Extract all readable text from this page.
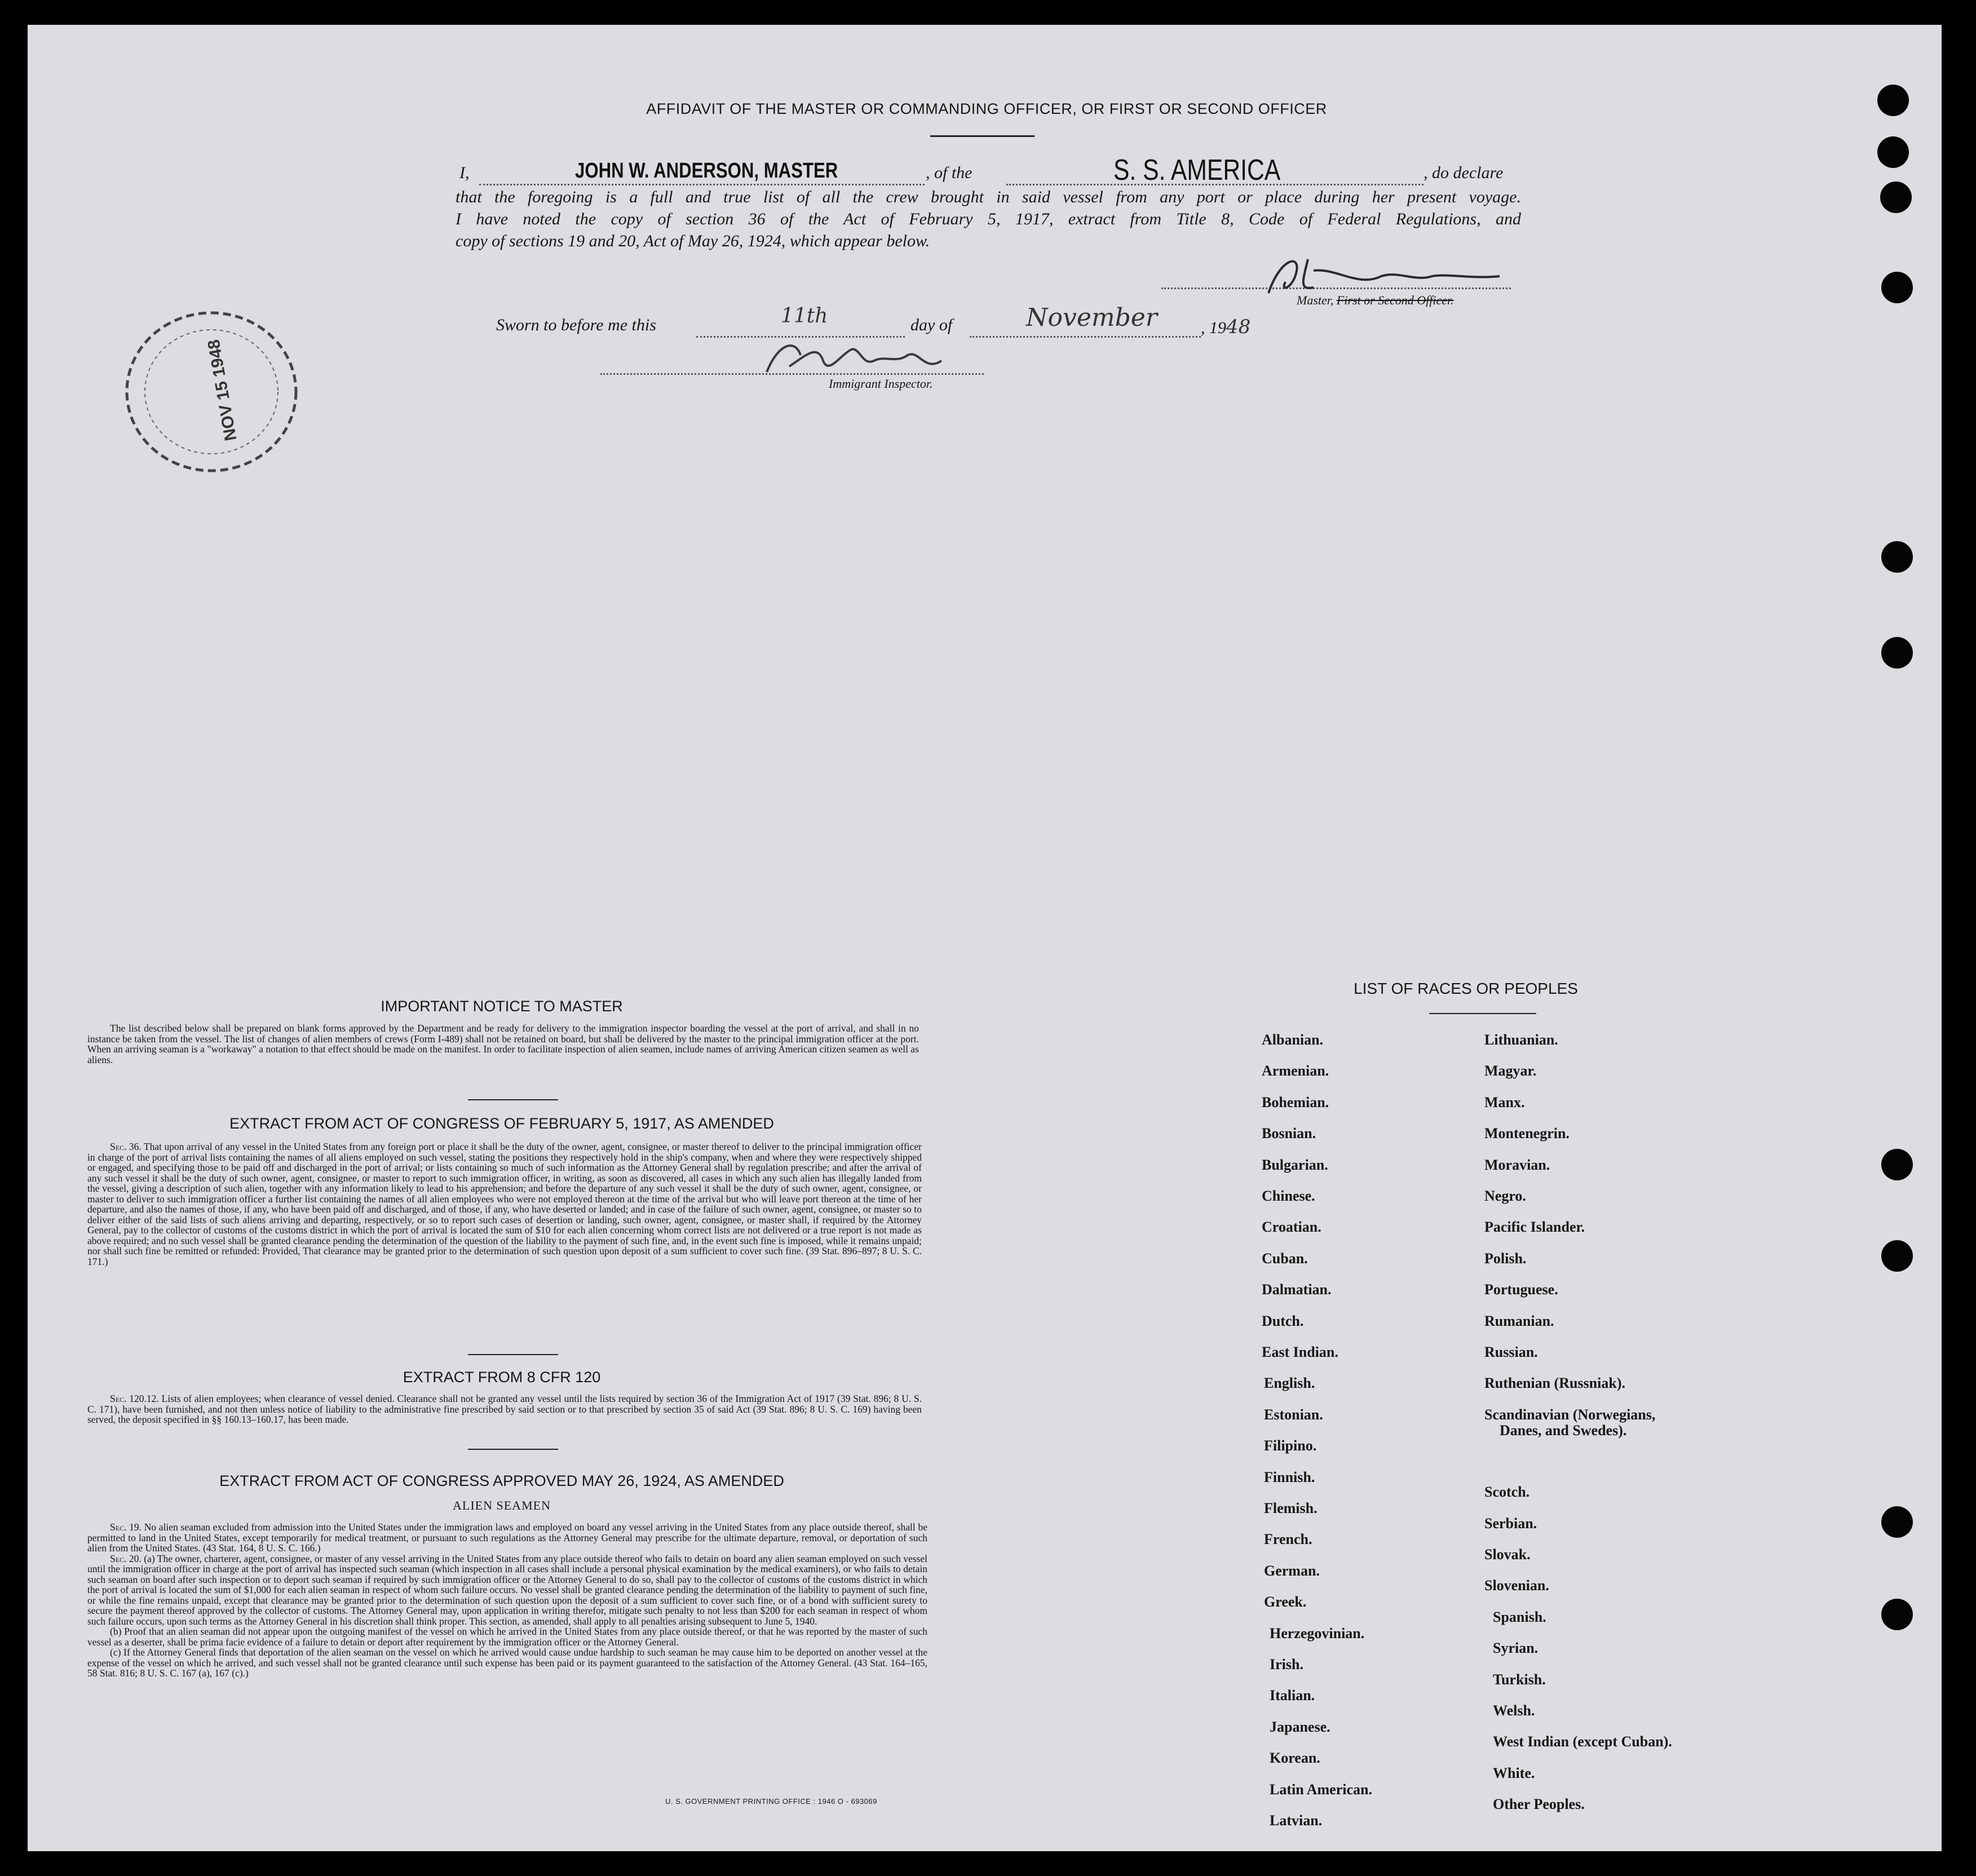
AFFIDAVIT OF THE MASTER OR COMMANDING OFFICER, OR FIRST OR SECOND OFFICER
I,	JOHN W. ANDERSON, MASTER	, of the	S. S. AMERICA	, do declare
that the foregoing is a full and true list of all the crew brought in said vessel from any port or place during her present voyage.
I have noted the copy of section 36 of the Act of February 5, 1917, extract from Title 8, Code of Federal Regulations, and
copy of sections 19 and 20, Act of May 26, 1924, which appear below.
Master, First or Second Officer.
Sworn to before me this	11th	day of	November	, 1948
Immigrant Inspector.
NOV 15 1948
IMPORTANT NOTICE TO MASTER

The list described below shall be prepared on blank forms approved by the Department and be ready for delivery to the immigration inspector boarding the vessel at the port of arrival, and shall in no instance be taken from the vessel. The list of changes of alien members of crews (Form I-489) shall not be retained on board, but shall be delivered by the master to the principal immigration officer at the port. When an arriving seaman is a "workaway" a notation to that effect should be made on the manifest. In order to facilitate inspection of alien seamen, include names of arriving American citizen seamen as well as aliens.

EXTRACT FROM ACT OF CONGRESS OF FEBRUARY 5, 1917, AS AMENDED

Sec. 36. That upon arrival of any vessel in the United States from any foreign port or place it shall be the duty of the owner, agent, consignee, or master thereof to deliver to the principal immigration officer in charge of the port of arrival lists containing the names of all aliens employed on such vessel, stating the positions they respectively hold in the ship's company, when and where they were respectively shipped or engaged, and specifying those to be paid off and discharged in the port of arrival; or lists containing so much of such information as the Attorney General shall by regulation prescribe; and after the arrival of any such vessel it shall be the duty of such owner, agent, consignee, or master to report to such immigration officer, in writing, as soon as discovered, all cases in which any such alien has illegally landed from the vessel, giving a description of such alien, together with any information likely to lead to his apprehension; and before the departure of any such vessel it shall be the duty of such owner, agent, consignee, or master to deliver to such immigration officer a further list containing the names of all alien employees who were not employed thereon at the time of the arrival but who will leave port thereon at the time of her departure, and also the names of those, if any, who have been paid off and discharged, and of those, if any, who have deserted or landed; and in case of the failure of such owner, agent, consignee, or master so to deliver either of the said lists of such aliens arriving and departing, respectively, or so to report such cases of desertion or landing, such owner, agent, consignee, or master shall, if required by the Attorney General, pay to the collector of customs of the customs district in which the port of arrival is located the sum of $10 for each alien concerning whom correct lists are not delivered or a true report is not made as above required; and no such vessel shall be granted clearance pending the determination of the question of the liability to the payment of such fine, and, in the event such fine is imposed, while it remains unpaid; nor shall such fine be remitted or refunded: Provided, That clearance may be granted prior to the determination of such question upon deposit of a sum sufficient to cover such fine. (39 Stat. 896–897; 8 U. S. C. 171.)

EXTRACT FROM 8 CFR 120

Sec. 120.12. Lists of alien employees; when clearance of vessel denied. Clearance shall not be granted any vessel until the lists required by section 36 of the Immigration Act of 1917 (39 Stat. 896; 8 U. S. C. 171), have been furnished, and not then unless notice of liability to the administrative fine prescribed by said section or to that prescribed by section 35 of said Act (39 Stat. 896; 8 U. S. C. 169) having been served, the deposit specified in §§ 160.13–160.17, has been made.

EXTRACT FROM ACT OF CONGRESS APPROVED MAY 26, 1924, AS AMENDED
ALIEN SEAMEN

Sec. 19. No alien seaman excluded from admission into the United States under the immigration laws and employed on board any vessel arriving in the United States from any place outside thereof, shall be permitted to land in the United States, except temporarily for medical treatment, or pursuant to such regulations as the Attorney General may prescribe for the ultimate departure, removal, or deportation of such alien from the United States. (43 Stat. 164, 8 U. S. C. 166.)

Sec. 20. (a) The owner, charterer, agent, consignee, or master of any vessel arriving in the United States from any place outside thereof who fails to detain on board any alien seaman employed on such vessel until the immigration officer in charge at the port of arrival has inspected such seaman (which inspection in all cases shall include a personal physical examination by the medical examiners), or who fails to detain such seaman on board after such inspection or to deport such seaman if required by such immigration officer or the Attorney General to do so, shall pay to the collector of customs of the customs district in which the port of arrival is located the sum of $1,000 for each alien seaman in respect of whom such failure occurs. No vessel shall be granted clearance pending the determination of the liability to payment of such fine, or while the fine remains unpaid, except that clearance may be granted prior to the determination of such question upon the deposit of a sum sufficient to cover such fine, or of a bond with sufficient surety to secure the payment thereof approved by the collector of customs. The Attorney General may, upon application in writing therefor, mitigate such penalty to not less than $200 for each seaman in respect of whom such failure occurs, upon such terms as the Attorney General in his discretion shall think proper. This section, as amended, shall apply to all penalties arising subsequent to June 5, 1940.

(b) Proof that an alien seaman did not appear upon the outgoing manifest of the vessel on which he arrived in the United States from any place outside thereof, or that he was reported by the master of such vessel as a deserter, shall be prima facie evidence of a failure to detain or deport after requirement by the immigration officer or the Attorney General.

(c) If the Attorney General finds that deportation of the alien seaman on the vessel on which he arrived would cause undue hardship to such seaman he may cause him to be deported on another vessel at the expense of the vessel on which he arrived, and such vessel shall not be granted clearance until such expense has been paid or its payment guaranteed to the satisfaction of the Attorney General. (43 Stat. 164–165, 58 Stat. 816; 8 U. S. C. 167 (a), 167 (c).)

U. S. GOVERNMENT PRINTING OFFICE : 1946 O - 693069
LIST OF RACES OR PEOPLES
Albanian.
Armenian.
Bohemian.
Bosnian.
Bulgarian.
Chinese.
Croatian.
Cuban.
Dalmatian.
Dutch.
East Indian.
English.
Estonian.
Filipino.
Finnish.
Flemish.
French.
German.
Greek.
Herzegovinian.
Irish.
Italian.
Japanese.
Korean.
Latin American.
Latvian.
Lithuanian.
Magyar.
Manx.
Montenegrin.
Moravian.
Negro.
Pacific Islander.
Polish.
Portuguese.
Rumanian.
Russian.
Ruthenian (Russniak).
Scandinavian (Norwegians,
Danes, and Swedes).
Scotch.
Serbian.
Slovak.
Slovenian.
Spanish.
Syrian.
Turkish.
Welsh.
West Indian (except Cuban).
White.
Other Peoples.
